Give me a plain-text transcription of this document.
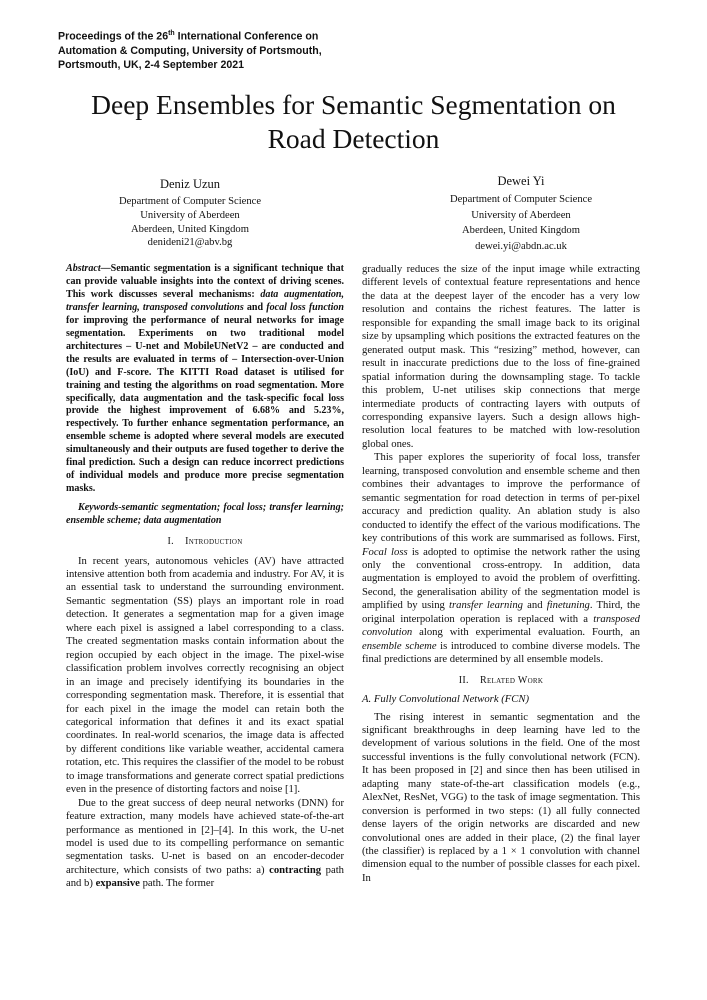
Proceedings of the 26th International Conference on
Automation & Computing, University of Portsmouth,
Portsmouth, UK, 2-4 September 2021
Deep Ensembles for Semantic Segmentation on
Road Detection
Deniz Uzun
Department of Computer Science
University of Aberdeen
Aberdeen, United Kingdom
denideni21@abv.bg
Dewei Yi
Department of Computer Science
University of Aberdeen
Aberdeen, United Kingdom
dewei.yi@abdn.ac.uk

Abstract—Semantic segmentation is a significant technique that can provide valuable insights into the context of driving scenes. This work discusses several mechanisms: data augmentation, transfer learning, transposed convolutions and focal loss function for improving the performance of neural networks for image segmentation. Experiments on two traditional model architectures – U-net and MobileUNetV2 – are conducted and the results are evaluated in terms of – Intersection-over-Union (IoU) and F-score. The KITTI Road dataset is utilised for training and testing the algorithms on road segmentation. More specifically, data augmentation and the task-specific focal loss provide the highest improvement of 6.68% and 5.23%, respectively. To further enhance segmentation performance, an ensemble scheme is adopted where several models are executed simultaneously and their outputs are fused together to derive the final prediction. Such a design can reduce incorrect predictions of individual models and produce more precise segmentation masks.

Keywords-semantic segmentation; focal loss; transfer learning; ensemble scheme; data augmentation

I. Introduction

In recent years, autonomous vehicles (AV) have attracted intensive attention both from academia and industry. For AV, it is an essential task to understand the surrounding environment. Semantic segmentation (SS) plays an important role in road detection. It generates a segmentation map for a given image where each pixel is assigned a label corresponding to a class. The created segmentation masks contain information about the region occupied by each object in the image. The pixel-wise classification problem involves correctly recognising an object in an image and precisely identifying its boundaries in the corresponding segmentation mask. Therefore, it is essential that for each pixel in the image the model can retain both the categorical information that defines it and its exact spatial coordinates. In real-world scenarios, the image data is affected by different conditions like variable weather, accidental camera rotation, etc. This requires the classifier of the model to be robust to image transformations and generate correct spatial predictions even in the presence of distorting factors and noise [1].

Due to the great success of deep neural networks (DNN) for feature extraction, many models have achieved state-of-the-art performance as mentioned in [2]–[4]. In this work, the U-net model is used due to its compelling performance on semantic segmentation tasks. U-net is based on an encoder-decoder architecture, which consists of two paths: a) contracting path and b) expansive path. The former

gradually reduces the size of the input image while extracting different levels of contextual feature representations and hence the data at the deepest layer of the encoder has a very low resolution and contains the richest features. The latter is responsible for expanding the small image back to its original size by upsampling which positions the extracted features on the generated output mask. This “resizing” method, however, can result in inaccurate predictions due to the loss of fine-grained spatial information during the downsampling stage. To tackle this problem, U-net utilises skip connections that merge intermediate products of contracting layers with outputs of corresponding expansive layers. Such a design allows high-resolution local features to be matched with low-resolution global ones.

This paper explores the superiority of focal loss, transfer learning, transposed convolution and ensemble scheme and then combines their advantages to improve the performance of semantic segmentation for road detection in terms of per-pixel accuracy and prediction quality. An ablation study is also conducted to identify the effect of the various modifications. The key contributions of this work are summarised as follows. First, Focal loss is adopted to optimise the network rather the using only the conventional cross-entropy. In addition, data augmentation is employed to avoid the problem of overfitting. Second, the generalisation ability of the segmentation model is amplified by using transfer learning and finetuning. Third, the original interpolation operation is replaced with a transposed convolution along with experimental evaluation. Fourth, an ensemble scheme is introduced to combine diverse models. The final predictions are determined by all ensemble models.

II. Related Work
A. Fully Convolutional Network (FCN)

The rising interest in semantic segmentation and the significant breakthroughs in deep learning have led to the development of various solutions in the field. One of the most successful inventions is the fully convolutional network (FCN). It has been proposed in [2] and since then has been utilised in adapting many state-of-the-art classification models (e.g., AlexNet, ResNet, VGG) to the task of image segmentation. This conversion is performed in two steps: (1) all fully connected dense layers of the origin networks are discarded and new convolutional ones are added in their place, (2) the final layer (the classifier) is replaced by a 1 × 1 convolution with channel dimension equal to the number of possible classes for each pixel. In
